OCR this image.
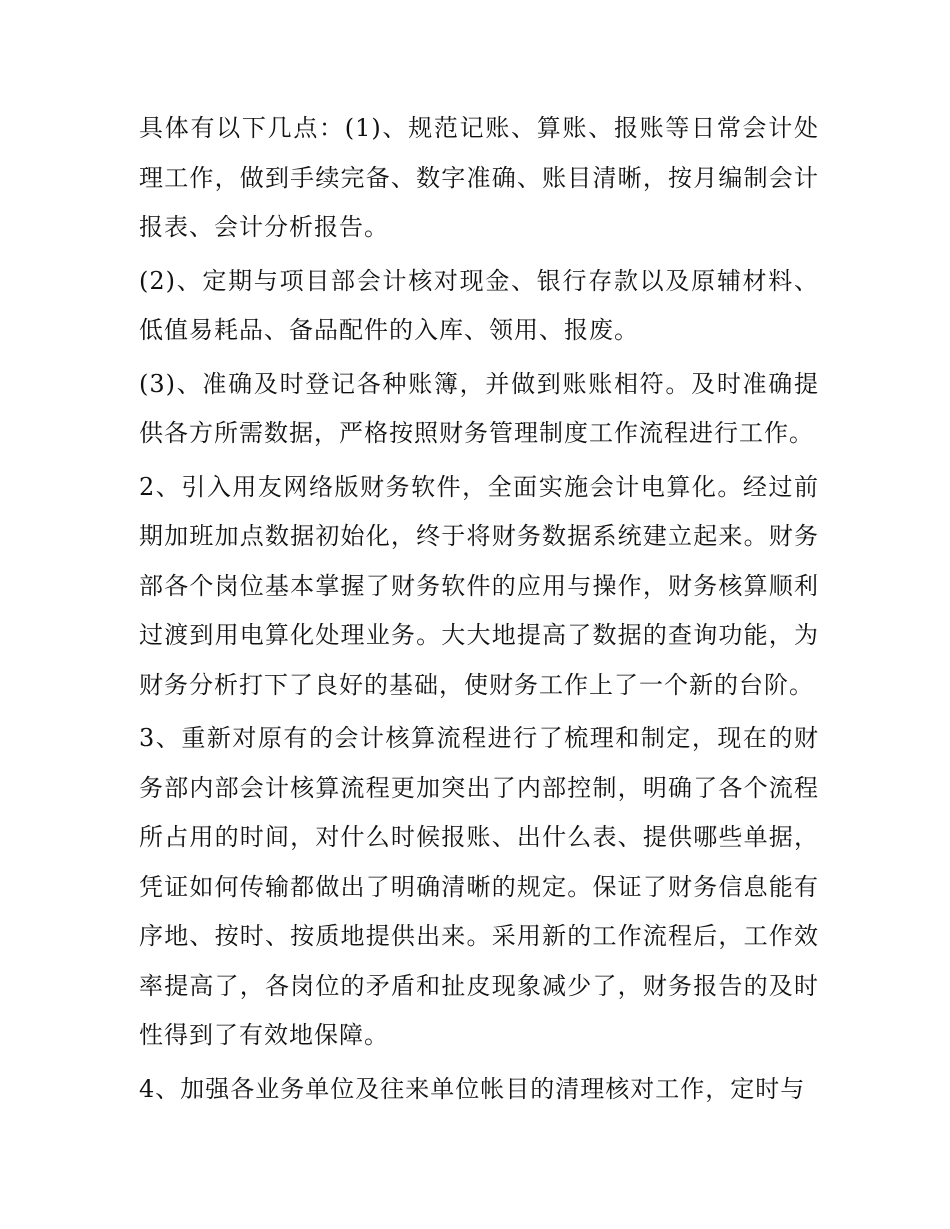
具体有以下几点：(1)、规范记账、算账、报账等日常会计处理工作，做到手续完备、数字准确、账目清晰，按月编制会计报表、会计分析报告。

(2)、定期与项目部会计核对现金、银行存款以及原辅材料、低值易耗品、备品配件的入库、领用、报废。

(3)、准确及时登记各种账簿，并做到账账相符。及时准确提供各方所需数据，严格按照财务管理制度工作流程进行工作。

2、引入用友网络版财务软件，全面实施会计电算化。经过前期加班加点数据初始化，终于将财务数据系统建立起来。财务部各个岗位基本掌握了财务软件的应用与操作，财务核算顺利过渡到用电算化处理业务。大大地提高了数据的查询功能，为财务分析打下了良好的基础，使财务工作上了一个新的台阶。

3、重新对原有的会计核算流程进行了梳理和制定，现在的财务部内部会计核算流程更加突出了内部控制，明确了各个流程所占用的时间，对什么时候报账、出什么表、提供哪些单据，凭证如何传输都做出了明确清晰的规定。保证了财务信息能有序地、按时、按质地提供出来。采用新的工作流程后，工作效率提高了，各岗位的矛盾和扯皮现象减少了，财务报告的及时性得到了有效地保障。

4、加强各业务单位及往来单位帐目的清理核对工作，定时与
